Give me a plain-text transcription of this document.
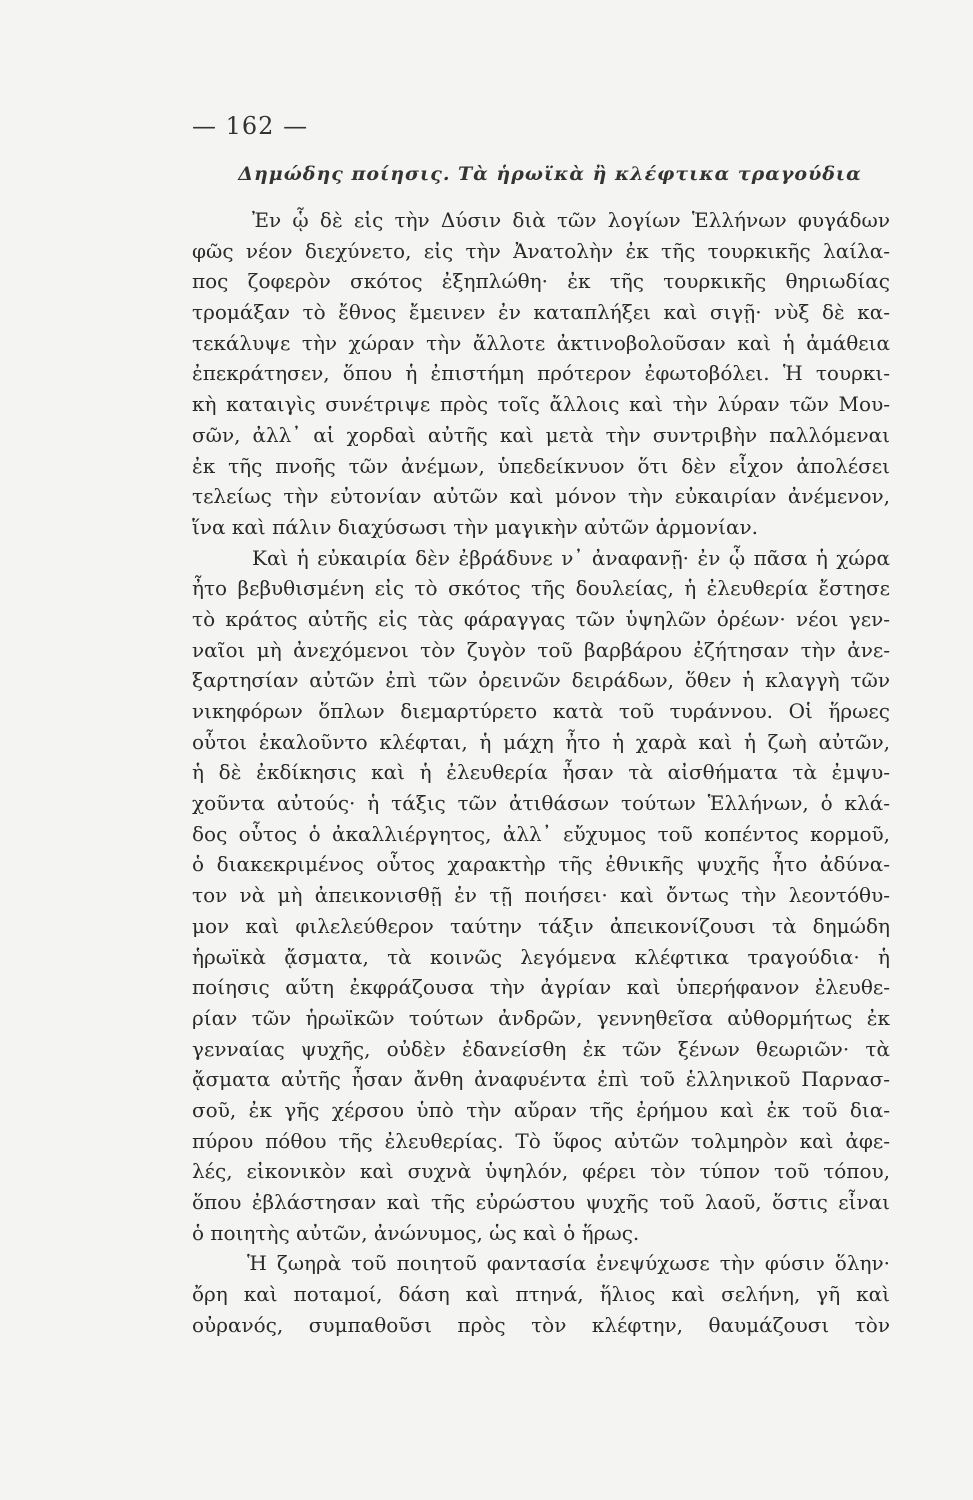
— 162 —
Δημώδης ποίησις. Τὰ ἡρωϊκὰ ἢ κλέφτικα τραγούδια
Ἐν ᾧ δὲ εἰς τὴν Δύσιν διὰ τῶν λογίων Ἑλλήνων φυγάδων
φῶς νέον διεχύνετο, εἰς τὴν Ἀνατολὴν ἐκ τῆς τουρκικῆς λαίλα-
πος ζοφερὸν σκότος ἐξηπλώθη· ἐκ τῆς τουρκικῆς θηριωδίας
τρομάξαν τὸ ἔθνος ἔμεινεν ἐν καταπλήξει καὶ σιγῇ· νὺξ δὲ κα-
τεκάλυψε τὴν χώραν τὴν ἄλλοτε ἀκτινοβολοῦσαν καὶ ἡ ἀμάθεια
ἐπεκράτησεν, ὅπου ἡ ἐπιστήμη πρότερον ἐφωτοβόλει. Ἡ τουρκι-
κὴ καταιγὶς συνέτριψε πρὸς τοῖς ἄλλοις καὶ τὴν λύραν τῶν Μου-
σῶν, ἀλλ᾿ αἱ χορδαὶ αὐτῆς καὶ μετὰ τὴν συντριβὴν παλλόμεναι
ἐκ τῆς πνοῆς τῶν ἀνέμων, ὑπεδείκνυον ὅτι δὲν εἶχον ἀπολέσει
τελείως τὴν εὐτονίαν αὐτῶν καὶ μόνον τὴν εὐκαιρίαν ἀνέμενον,
ἵνα καὶ πάλιν διαχύσωσι τὴν μαγικὴν αὐτῶν ἁρμονίαν.
Καὶ ἡ εὐκαιρία δὲν ἐβράδυνε ν᾿ ἀναφανῇ· ἐν ᾧ πᾶσα ἡ χώρα
ἦτο βεβυθισμένη εἰς τὸ σκότος τῆς δουλείας, ἡ ἐλευθερία ἔστησε
τὸ κράτος αὐτῆς εἰς τὰς φάραγγας τῶν ὑψηλῶν ὀρέων· νέοι γεν-
ναῖοι μὴ ἀνεχόμενοι τὸν ζυγὸν τοῦ βαρβάρου ἐζήτησαν τὴν ἀνε-
ξαρτησίαν αὐτῶν ἐπὶ τῶν ὀρεινῶν δειράδων, ὅθεν ἡ κλαγγὴ τῶν
νικηφόρων ὅπλων διεμαρτύρετο κατὰ τοῦ τυράννου. Οἱ ἥρωες
οὗτοι ἐκαλοῦντο κλέφται, ἡ μάχη ἦτο ἡ χαρὰ καὶ ἡ ζωὴ αὐτῶν,
ἡ δὲ ἐκδίκησις καὶ ἡ ἐλευθερία ἦσαν τὰ αἰσθήματα τὰ ἐμψυ-
χοῦντα αὐτούς· ἡ τάξις τῶν ἀτιθάσων τούτων Ἑλλήνων, ὁ κλά-
δος οὗτος ὁ ἀκαλλιέργητος, ἀλλ᾿ εὔχυμος τοῦ κοπέντος κορμοῦ,
ὁ διακεκριμένος οὗτος χαρακτὴρ τῆς ἐθνικῆς ψυχῆς ἦτο ἀδύνα-
τον νὰ μὴ ἀπεικονισθῇ ἐν τῇ ποιήσει· καὶ ὄντως τὴν λεοντόθυ-
μον καὶ φιλελεύθερον ταύτην τάξιν ἀπεικονίζουσι τὰ δημώδη
ἡρωϊκὰ ᾄσματα, τὰ κοινῶς λεγόμενα κλέφτικα τραγούδια· ἡ
ποίησις αὕτη ἐκφράζουσα τὴν ἀγρίαν καὶ ὑπερήφανον ἐλευθε-
ρίαν τῶν ἡρωϊκῶν τούτων ἀνδρῶν, γεννηθεῖσα αὐθορμήτως ἐκ
γενναίας ψυχῆς, οὐδὲν ἐδανείσθη ἐκ τῶν ξένων θεωριῶν· τὰ
ᾄσματα αὐτῆς ἦσαν ἄνθη ἀναφυέντα ἐπὶ τοῦ ἑλληνικοῦ Παρνασ-
σοῦ, ἐκ γῆς χέρσου ὑπὸ τὴν αὔραν τῆς ἐρήμου καὶ ἐκ τοῦ δια-
πύρου πόθου τῆς ἐλευθερίας. Τὸ ὕφος αὐτῶν τολμηρὸν καὶ ἀφε-
λές, εἰκονικὸν καὶ συχνὰ ὑψηλόν, φέρει τὸν τύπον τοῦ τόπου,
ὅπου ἐβλάστησαν καὶ τῆς εὐρώστου ψυχῆς τοῦ λαοῦ, ὅστις εἶναι
ὁ ποιητὴς αὐτῶν, ἀνώνυμος, ὡς καὶ ὁ ἥρως.
Ἡ ζωηρὰ τοῦ ποιητοῦ φαντασία ἐνεψύχωσε τὴν φύσιν ὅλην·
ὄρη καὶ ποταμοί, δάση καὶ πτηνά, ἥλιος καὶ σελήνη, γῆ καὶ
οὐρανός, συμπαθοῦσι πρὸς τὸν κλέφτην, θαυμάζουσι τὸν
